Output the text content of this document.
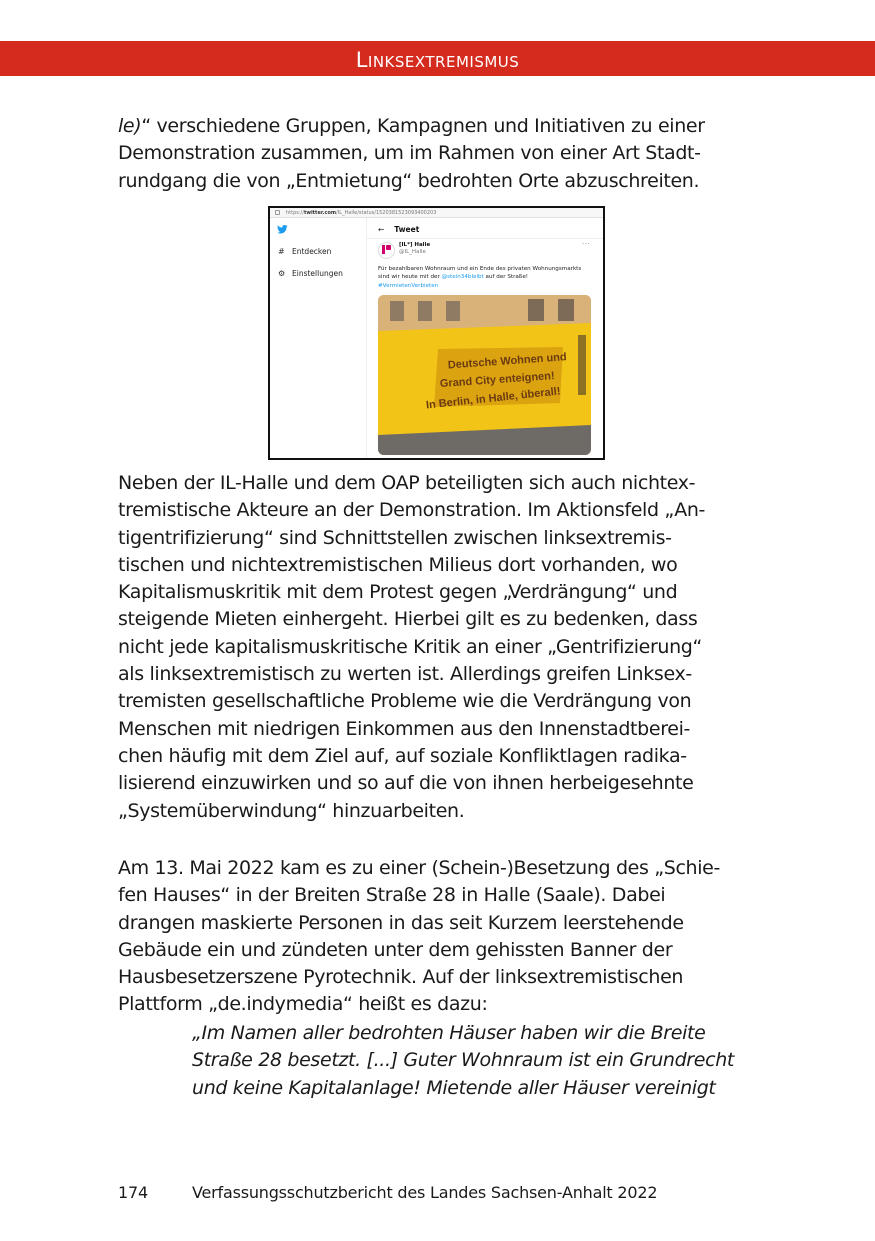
Linksextremismus
le)“ verschiedene Gruppen, Kampagnen und Initiativen zu einer
Demonstration zusammen, um im Rahmen von einer Art Stadt-
rundgang die von „Entmietung“ bedrohten Orte abzuschreiten.
https://twitter.com/IL_Halle/status/1520381523093400203
# Entdecken
⚙ Einstellungen
← Tweet
[IL*] Halle
@IL_Halle
···
Für bezahlbaren Wohnraum und ein Ende des privaten Wohnungsmarkts
sind wir heute mit der @stein34bleibt auf der Straße!
#VermietenVerbieten
Deutsche Wohnen und
Grand City enteignen!
In Berlin, in Halle, überall!
Neben der IL-Halle und dem OAP beteiligten sich auch nichtex-
tremistische Akteure an der Demonstration. Im Aktionsfeld „An-
tigentrifizierung“ sind Schnittstellen zwischen linksextremis-
tischen und nichtextremistischen Milieus dort vorhanden, wo
Kapitalismuskritik mit dem Protest gegen „Verdrängung“ und
steigende Mieten einhergeht. Hierbei gilt es zu bedenken, dass
nicht jede kapitalismuskritische Kritik an einer „Gentrifizierung“
als linksextremistisch zu werten ist. Allerdings greifen Linksex-
tremisten gesellschaftliche Probleme wie die Verdrängung von
Menschen mit niedrigen Einkommen aus den Innenstadtberei-
chen häufig mit dem Ziel auf, auf soziale Konfliktlagen radika-
lisierend einzuwirken und so auf die von ihnen herbeigesehnte
„Systemüberwindung“ hinzuarbeiten.
Am 13. Mai 2022 kam es zu einer (Schein-)Besetzung des „Schie-
fen Hauses“ in der Breiten Straße 28 in Halle (Saale). Dabei
drangen maskierte Personen in das seit Kurzem leerstehende
Gebäude ein und zündeten unter dem gehissten Banner der
Hausbesetzerszene Pyrotechnik. Auf der linksextremistischen
Plattform „de.indymedia“ heißt es dazu:
„Im Namen aller bedrohten Häuser haben wir die Breite
Straße 28 besetzt. [...] Guter Wohnraum ist ein Grundrecht
und keine Kapitalanlage! Mietende aller Häuser vereinigt
174	Verfassungsschutzbericht des Landes Sachsen-Anhalt 2022
